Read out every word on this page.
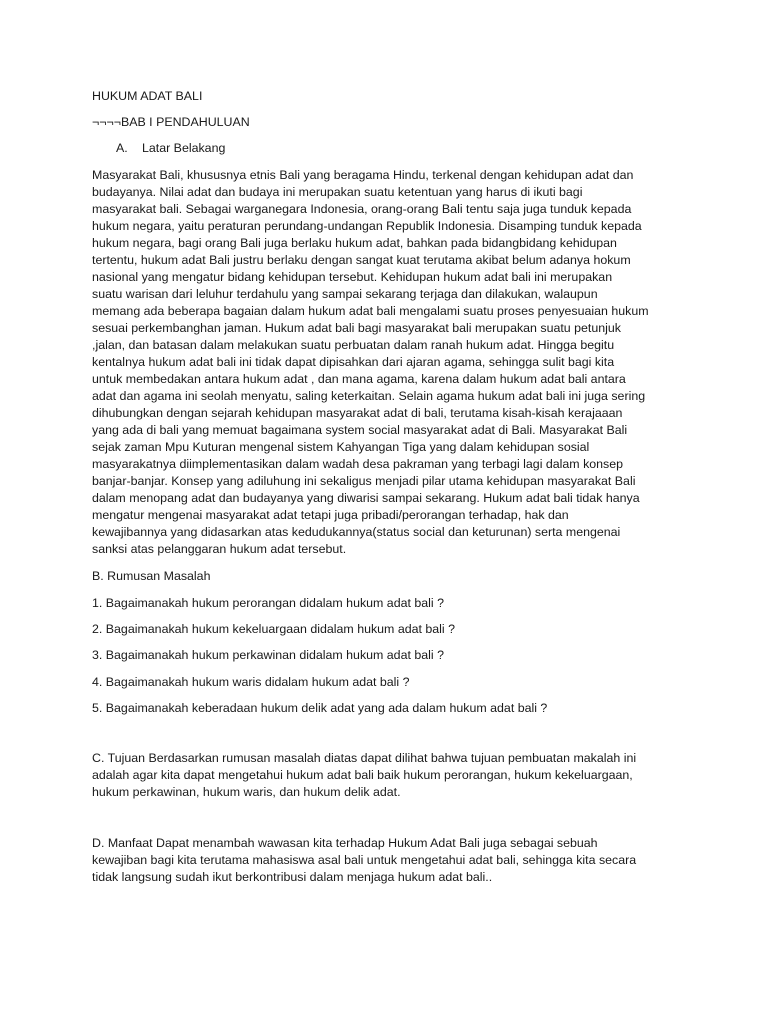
HUKUM ADAT BALI

¬¬¬¬BAB I PENDAHULUAN

A. Latar Belakang

Masyarakat Bali, khususnya etnis Bali yang beragama Hindu, terkenal dengan kehidupan adat dan
budayanya. Nilai adat dan budaya ini merupakan suatu ketentuan yang harus di ikuti bagi
masyarakat bali. Sebagai warganegara Indonesia, orang-orang Bali tentu saja juga tunduk kepada
hukum negara, yaitu peraturan perundang-undangan Republik Indonesia. Disamping tunduk kepada
hukum negara, bagi orang Bali juga berlaku hukum adat, bahkan pada bidangbidang kehidupan
tertentu, hukum adat Bali justru berlaku dengan sangat kuat terutama akibat belum adanya hokum
nasional yang mengatur bidang kehidupan tersebut. Kehidupan hukum adat bali ini merupakan
suatu warisan dari leluhur terdahulu yang sampai sekarang terjaga dan dilakukan, walaupun
memang ada beberapa bagaian dalam hukum adat bali mengalami suatu proses penyesuaian hukum
sesuai perkembanghan jaman. Hukum adat bali bagi masyarakat bali merupakan suatu petunjuk
,jalan, dan batasan dalam melakukan suatu perbuatan dalam ranah hukum adat. Hingga begitu
kentalnya hukum adat bali ini tidak dapat dipisahkan dari ajaran agama, sehingga sulit bagi kita
untuk membedakan antara hukum adat , dan mana agama, karena dalam hukum adat bali antara
adat dan agama ini seolah menyatu, saling keterkaitan. Selain agama hukum adat bali ini juga sering
dihubungkan dengan sejarah kehidupan masyarakat adat di bali, terutama kisah-kisah kerajaaan
yang ada di bali yang memuat bagaimana system social masyarakat adat di Bali. Masyarakat Bali
sejak zaman Mpu Kuturan mengenal sistem Kahyangan Tiga yang dalam kehidupan sosial
masyarakatnya diimplementasikan dalam wadah desa pakraman yang terbagi lagi dalam konsep
banjar-banjar. Konsep yang adiluhung ini sekaligus menjadi pilar utama kehidupan masyarakat Bali
dalam menopang adat dan budayanya yang diwarisi sampai sekarang. Hukum adat bali tidak hanya
mengatur mengenai masyarakat adat tetapi juga pribadi/perorangan terhadap, hak dan
kewajibannya yang didasarkan atas kedudukannya(status social dan keturunan) serta mengenai
sanksi atas pelanggaran hukum adat tersebut.

B. Rumusan Masalah

1. Bagaimanakah hukum perorangan didalam hukum adat bali ?
2. Bagaimanakah hukum kekeluargaan didalam hukum adat bali ?
3. Bagaimanakah hukum perkawinan didalam hukum adat bali ?
4. Bagaimanakah hukum waris didalam hukum adat bali ?
5. Bagaimanakah keberadaan hukum delik adat yang ada dalam hukum adat bali ?
C. Tujuan Berdasarkan rumusan masalah diatas dapat dilihat bahwa tujuan pembuatan makalah ini
adalah agar kita dapat mengetahui hukum adat bali baik hukum perorangan, hukum kekeluargaan,
hukum perkawinan, hukum waris, dan hukum delik adat.
D. Manfaat Dapat menambah wawasan kita terhadap Hukum Adat Bali juga sebagai sebuah
kewajiban bagi kita terutama mahasiswa asal bali untuk mengetahui adat bali, sehingga kita secara
tidak langsung sudah ikut berkontribusi dalam menjaga hukum adat bali..
